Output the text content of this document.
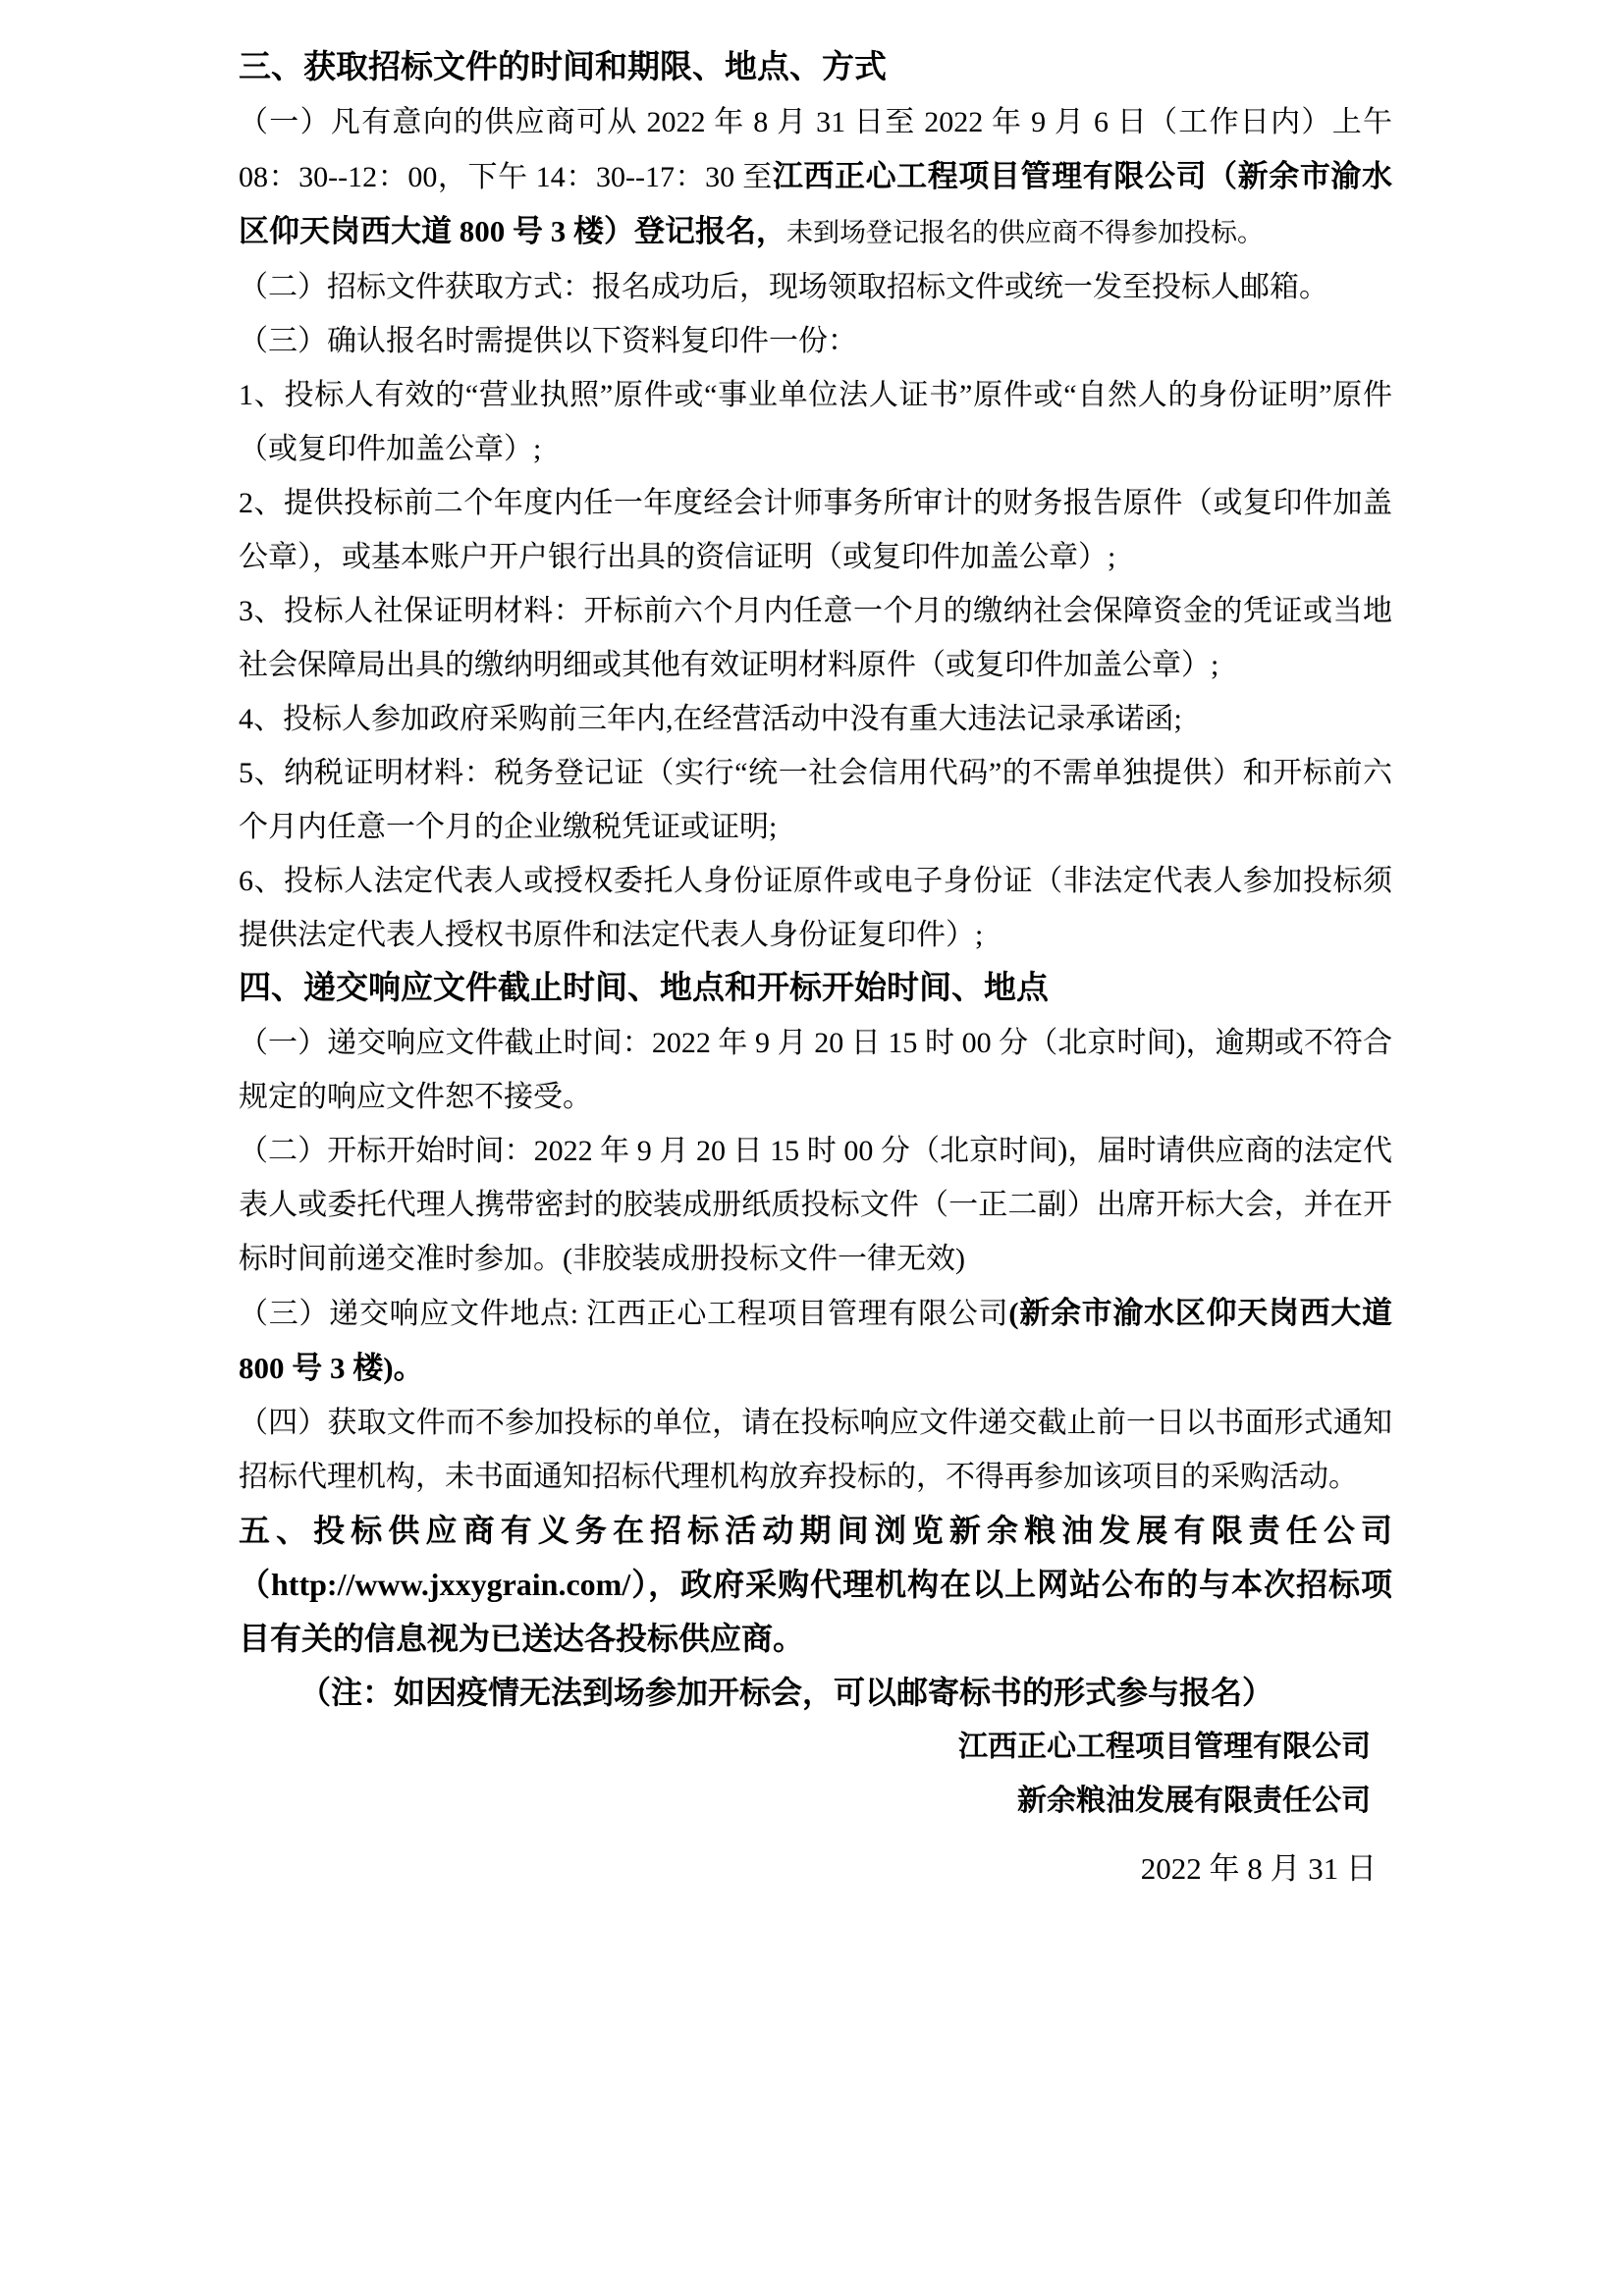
三、获取招标文件的时间和期限、地点、方式

（一）凡有意向的供应商可从 2022 年 8 月 31 日至 2022 年 9 月 6 日（工作日内）上午 08：30--12：00，下午 14：30--17：30 至江西正心工程项目管理有限公司（新余市渝水区仰天岗西大道 800 号 3 楼）登记报名，未到场登记报名的供应商不得参加投标。

（二）招标文件获取方式：报名成功后，现场领取招标文件或统一发至投标人邮箱。

（三）确认报名时需提供以下资料复印件一份：

1、投标人有效的“营业执照”原件或“事业单位法人证书”原件或“自然人的身份证明”原件（或复印件加盖公章）;

2、提供投标前二个年度内任一年度经会计师事务所审计的财务报告原件（或复印件加盖公章），或基本账户开户银行出具的资信证明（或复印件加盖公章）;

3、投标人社保证明材料：开标前六个月内任意一个月的缴纳社会保障资金的凭证或当地社会保障局出具的缴纳明细或其他有效证明材料原件（或复印件加盖公章）;

4、投标人参加政府采购前三年内,在经营活动中没有重大违法记录承诺函;

5、纳税证明材料：税务登记证（实行“统一社会信用代码”的不需单独提供）和开标前六个月内任意一个月的企业缴税凭证或证明;

6、投标人法定代表人或授权委托人身份证原件或电子身份证（非法定代表人参加投标须提供法定代表人授权书原件和法定代表人身份证复印件）;

四、递交响应文件截止时间、地点和开标开始时间、地点

（一）递交响应文件截止时间：2022 年 9 月 20 日 15 时 00 分（北京时间)，逾期或不符合规定的响应文件恕不接受。

（二）开标开始时间：2022 年 9 月 20 日 15 时 00 分（北京时间)，届时请供应商的法定代表人或委托代理人携带密封的胶装成册纸质投标文件（一正二副）出席开标大会，并在开标时间前递交准时参加。(非胶装成册投标文件一律无效)

（三）递交响应文件地点: 江西正心工程项目管理有限公司(新余市渝水区仰天岗西大道 800 号 3 楼)。

（四）获取文件而不参加投标的单位，请在投标响应文件递交截止前一日以书面形式通知招标代理机构，未书面通知招标代理机构放弃投标的，不得再参加该项目的采购活动。

五、投标供应商有义务在招标活动期间浏览新余粮油发展有限责任公司（http://www.jxxygrain.com/），政府采购代理机构在以上网站公布的与本次招标项目有关的信息视为已送达各投标供应商。

（注：如因疫情无法到场参加开标会，可以邮寄标书的形式参与报名）

江西正心工程项目管理有限公司

新余粮油发展有限责任公司

2022 年 8 月 31 日
